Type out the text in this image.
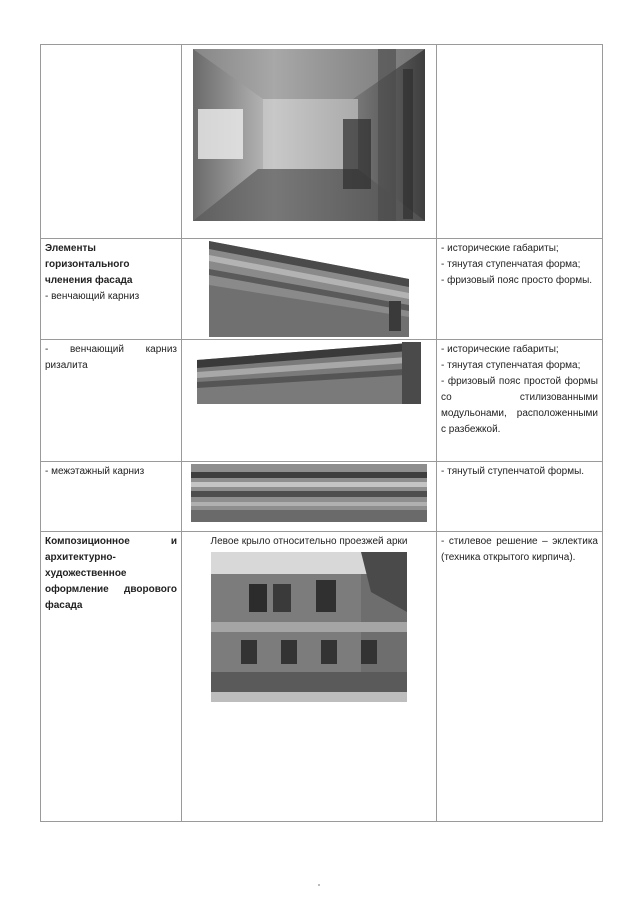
Элементы горизонтального членения фасада
- венчающий карниз		- исторические габариты;
- тянутая ступенчатая форма;
- фризовый пояс просто формы.

- венчающий карниз ризалита		- исторические габариты;
- тянутая ступенчатая форма;
- фризовый пояс простой формы со стилизованными модульонами, расположенными с разбежкой.

- межэтажный карниз		- тянутый ступенчатой формы.

Композиционное и архитектурно-художественное оформление дворового фасада	Левое крыло относительно проезжей арки	- стилевое решение – эклектика (техника открытого кирпича).
